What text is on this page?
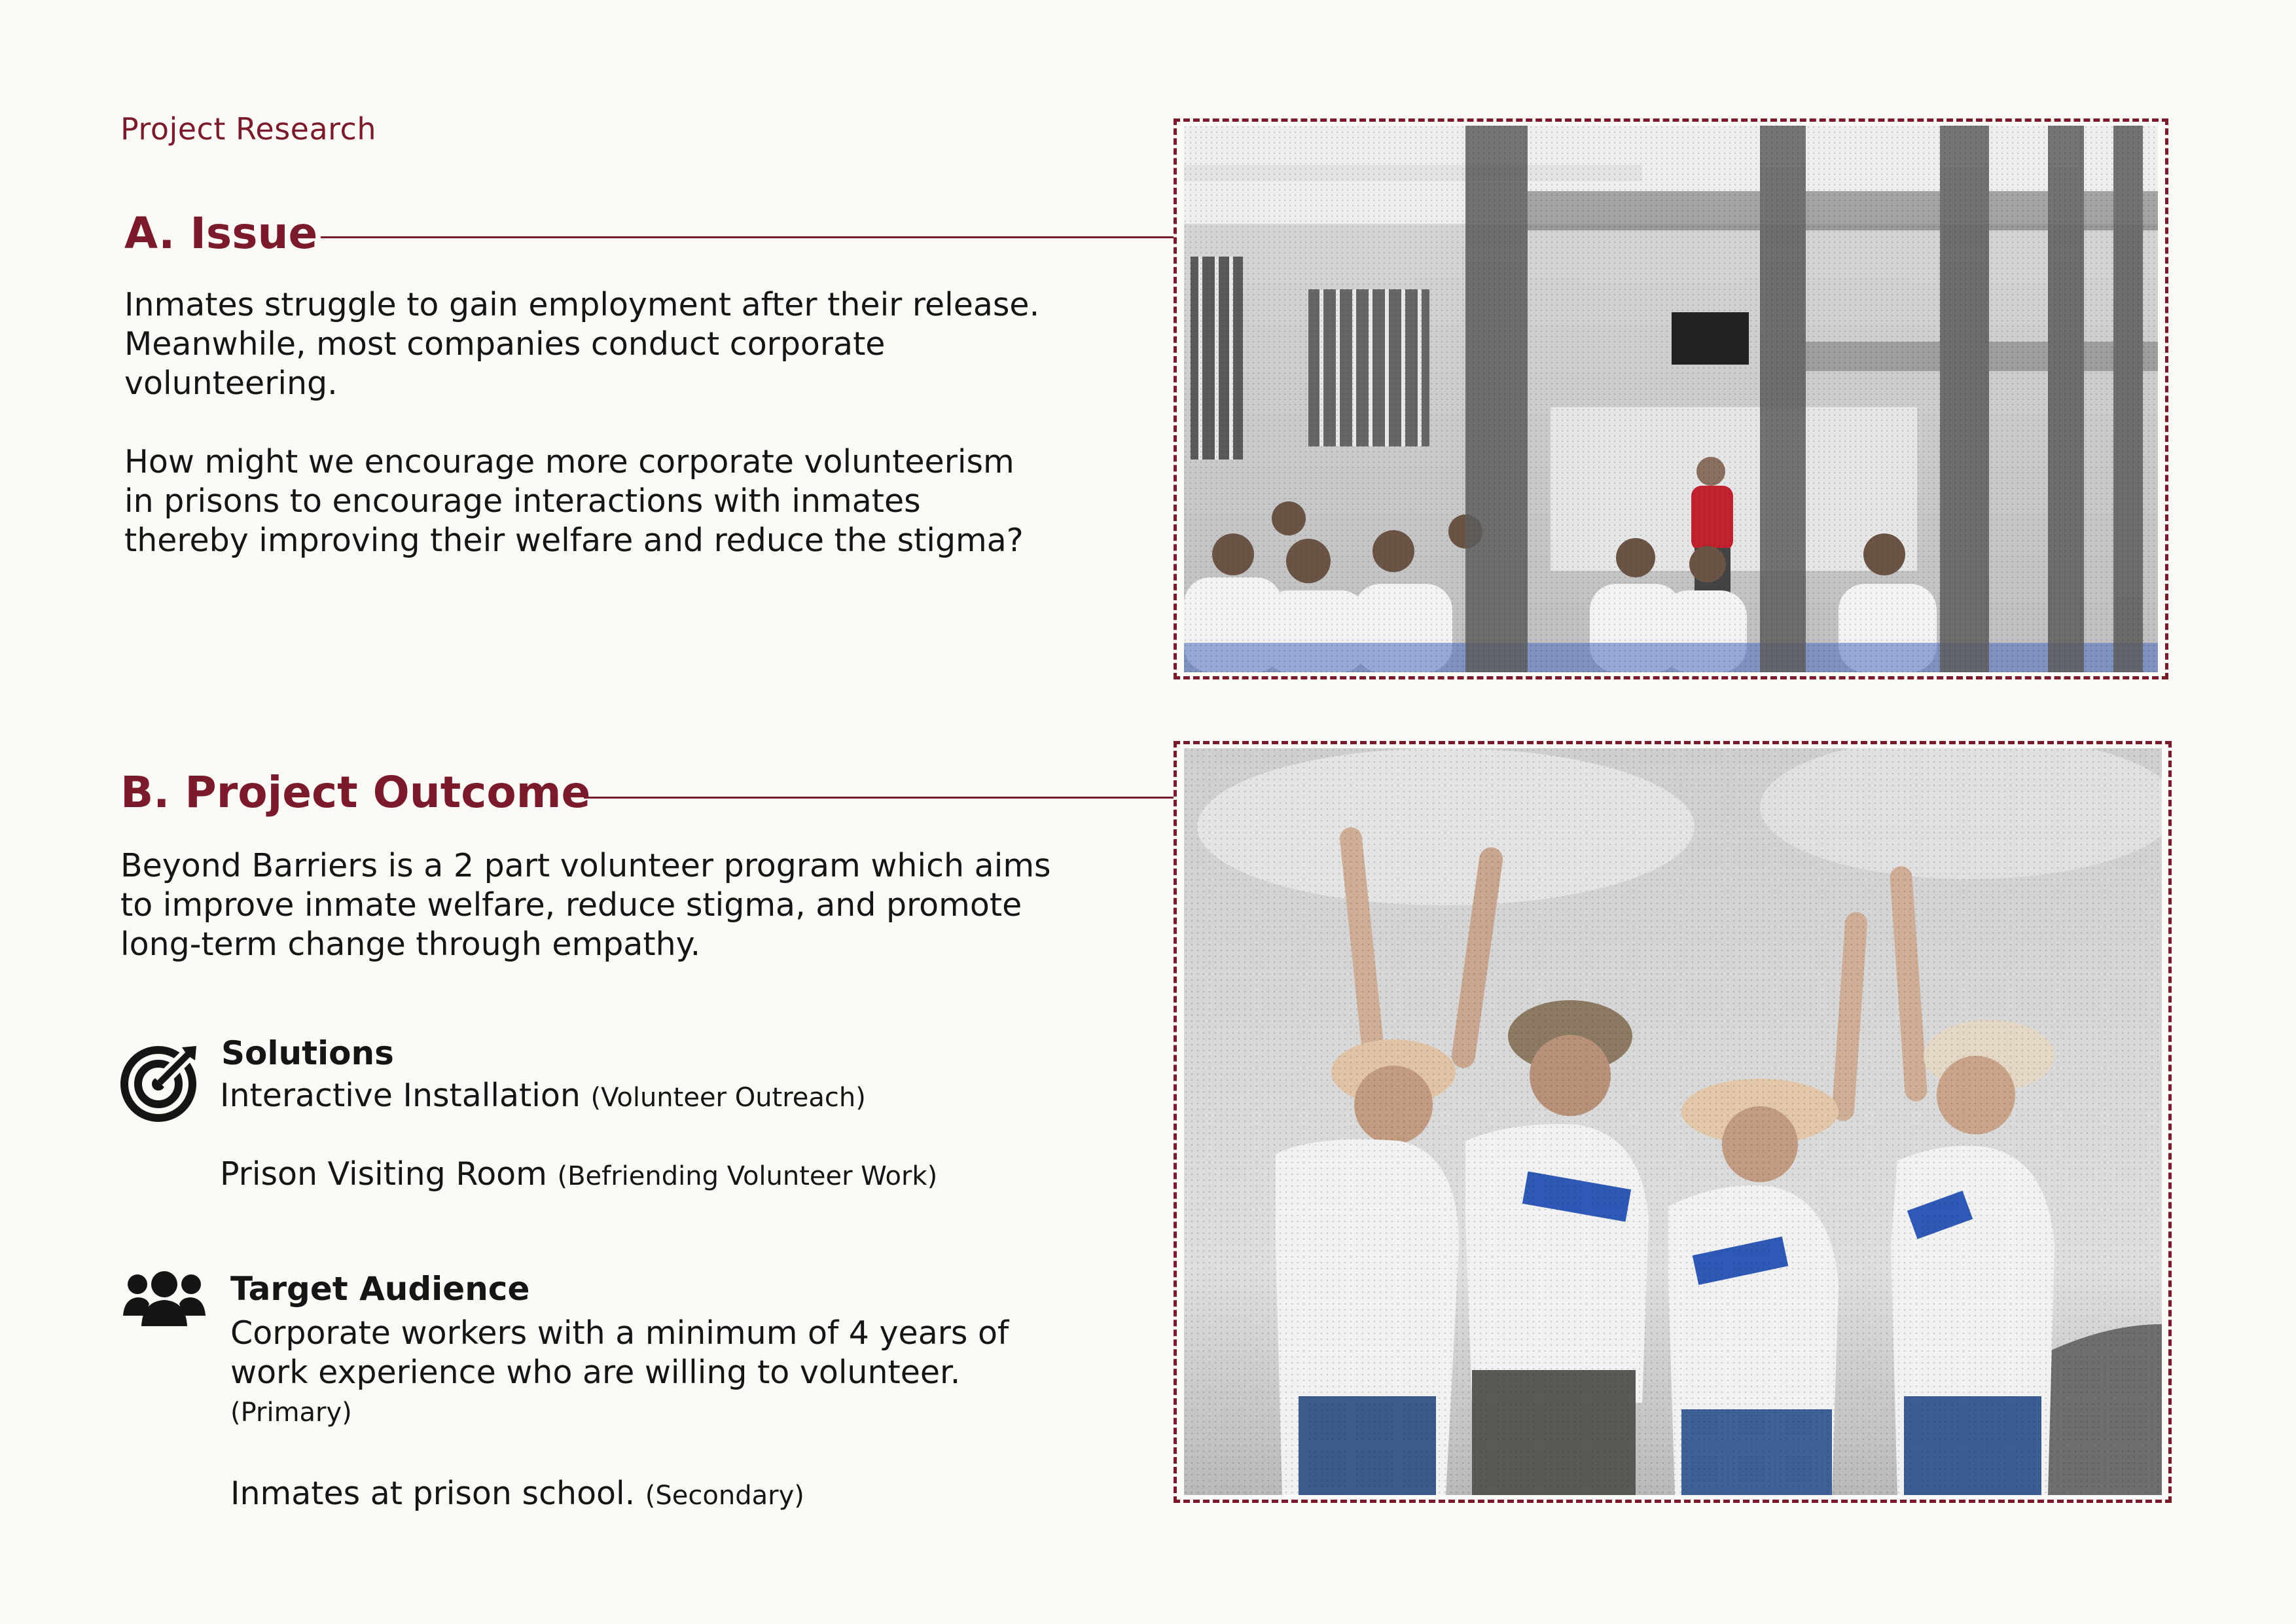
Project Research
A. Issue
Inmates struggle to gain employment after their release.
Meanwhile, most companies conduct corporate
volunteering.
How might we encourage more corporate volunteerism
in prisons to encourage interactions with inmates
thereby improving their welfare and reduce the stigma?
B. Project Outcome
Beyond Barriers is a 2 part volunteer program which aims
to improve inmate welfare, reduce stigma, and promote
long-term change through empathy.
Solutions
Interactive Installation (Volunteer Outreach)
Prison Visiting Room (Befriending Volunteer Work)
Target Audience
Corporate workers with a minimum of 4 years of
work experience who are willing to volunteer.
(Primary)
Inmates at prison school. (Secondary)
